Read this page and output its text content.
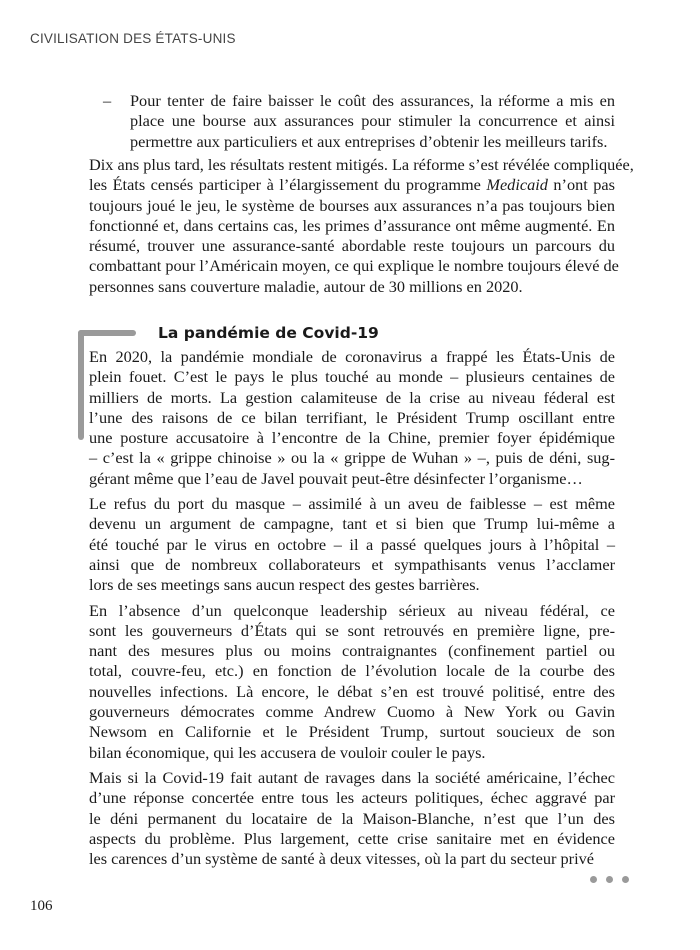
CIVILISATION DES ÉTATS-UNIS
– Pour tenter de faire baisser le coût des assurances, la réforme a mis en
place une bourse aux assurances pour stimuler la concurrence et ainsi
permettre aux particuliers et aux entreprises d’obtenir les meilleurs tarifs.
Dix ans plus tard, les résultats restent mitigés. La réforme s’est révélée compliquée,
les États censés participer à l’élargissement du programme Medicaid n’ont pas
toujours joué le jeu, le système de bourses aux assurances n’a pas toujours bien
fonctionné et, dans certains cas, les primes d’assurance ont même augmenté. En
résumé, trouver une assurance-santé abordable reste toujours un parcours du
combattant pour l’Américain moyen, ce qui explique le nombre toujours élevé de
personnes sans couverture maladie, autour de 30 millions en 2020.
La pandémie de Covid-19
En 2020, la pandémie mondiale de coronavirus a frappé les États-Unis de
plein fouet. C’est le pays le plus touché au monde – plusieurs centaines de
milliers de morts. La gestion calamiteuse de la crise au niveau féderal est
l’une des raisons de ce bilan terrifiant, le Président Trump oscillant entre
une posture accusatoire à l’encontre de la Chine, premier foyer épidémique
– c’est la « grippe chinoise » ou la « grippe de Wuhan » –, puis de déni, sug-
gérant même que l’eau de Javel pouvait peut-être désinfecter l’organisme…
Le refus du port du masque – assimilé à un aveu de faiblesse – est même
devenu un argument de campagne, tant et si bien que Trump lui-même a
été touché par le virus en octobre – il a passé quelques jours à l’hôpital –
ainsi que de nombreux collaborateurs et sympathisants venus l’acclamer
lors de ses meetings sans aucun respect des gestes barrières.
En l’absence d’un quelconque leadership sérieux au niveau fédéral, ce
sont les gouverneurs d’États qui se sont retrouvés en première ligne, pre-
nant des mesures plus ou moins contraignantes (confinement partiel ou
total, couvre-feu, etc.) en fonction de l’évolution locale de la courbe des
nouvelles infections. Là encore, le débat s’en est trouvé politisé, entre des
gouverneurs démocrates comme Andrew Cuomo à New York ou Gavin
Newsom en Californie et le Président Trump, surtout soucieux de son
bilan économique, qui les accusera de vouloir couler le pays.
Mais si la Covid-19 fait autant de ravages dans la société américaine, l’échec
d’une réponse concertée entre tous les acteurs politiques, échec aggravé par
le déni permanent du locataire de la Maison-Blanche, n’est que l’un des
aspects du problème. Plus largement, cette crise sanitaire met en évidence
les carences d’un système de santé à deux vitesses, où la part du secteur privé
106
